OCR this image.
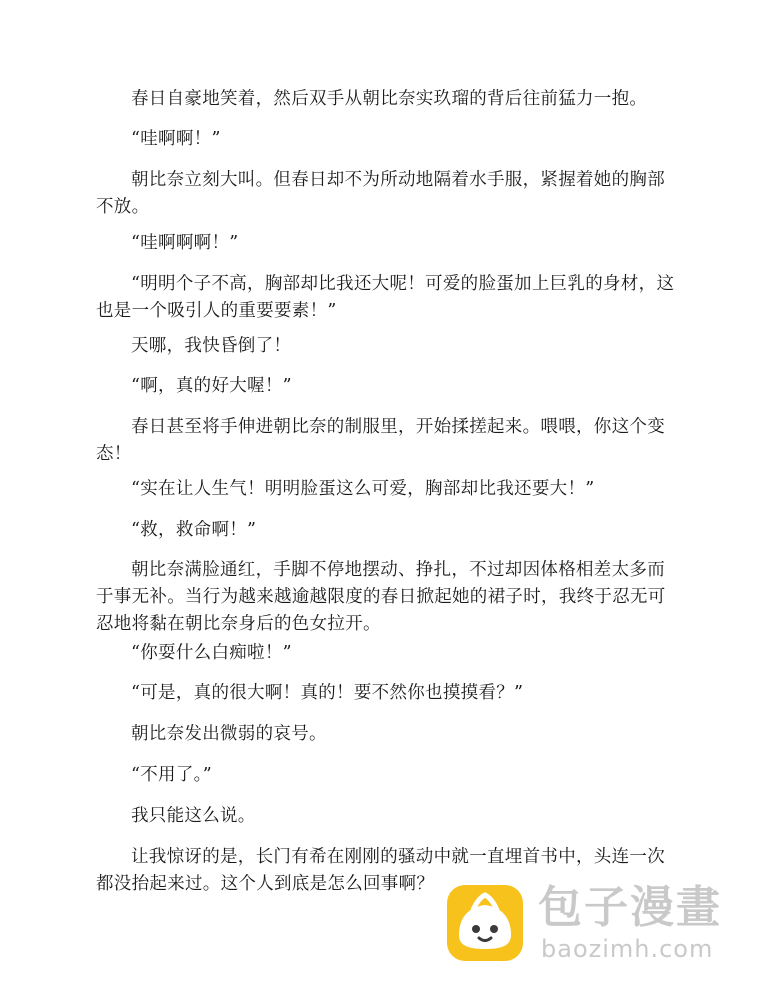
春日自豪地笑着，然后双手从朝比奈实玖瑠的背后往前猛力一抱。

“哇啊啊！”

朝比奈立刻大叫。但春日却不为所动地隔着水手服，紧握着她的胸部不放。

“哇啊啊啊！”

“明明个子不高，胸部却比我还大呢！可爱的脸蛋加上巨乳的身材，这也是一个吸引人的重要要素！”

天哪，我快昏倒了！

“啊，真的好大喔！”

春日甚至将手伸进朝比奈的制服里，开始揉搓起来。喂喂，你这个变态！

“实在让人生气！明明脸蛋这么可爱，胸部却比我还要大！”

“救，救命啊！”

朝比奈满脸通红，手脚不停地摆动、挣扎，不过却因体格相差太多而于事无补。当行为越来越逾越限度的春日掀起她的裙子时，我终于忍无可忍地将黏在朝比奈身后的色女拉开。

“你耍什么白痴啦！”

“可是，真的很大啊！真的！要不然你也摸摸看？”

朝比奈发出微弱的哀号。

“不用了。”

我只能这么说。

让我惊讶的是，长门有希在刚刚的骚动中就一直埋首书中，头连一次都没抬起来过。这个人到底是怎么回事啊？	包子漫畫
baozimh.com
